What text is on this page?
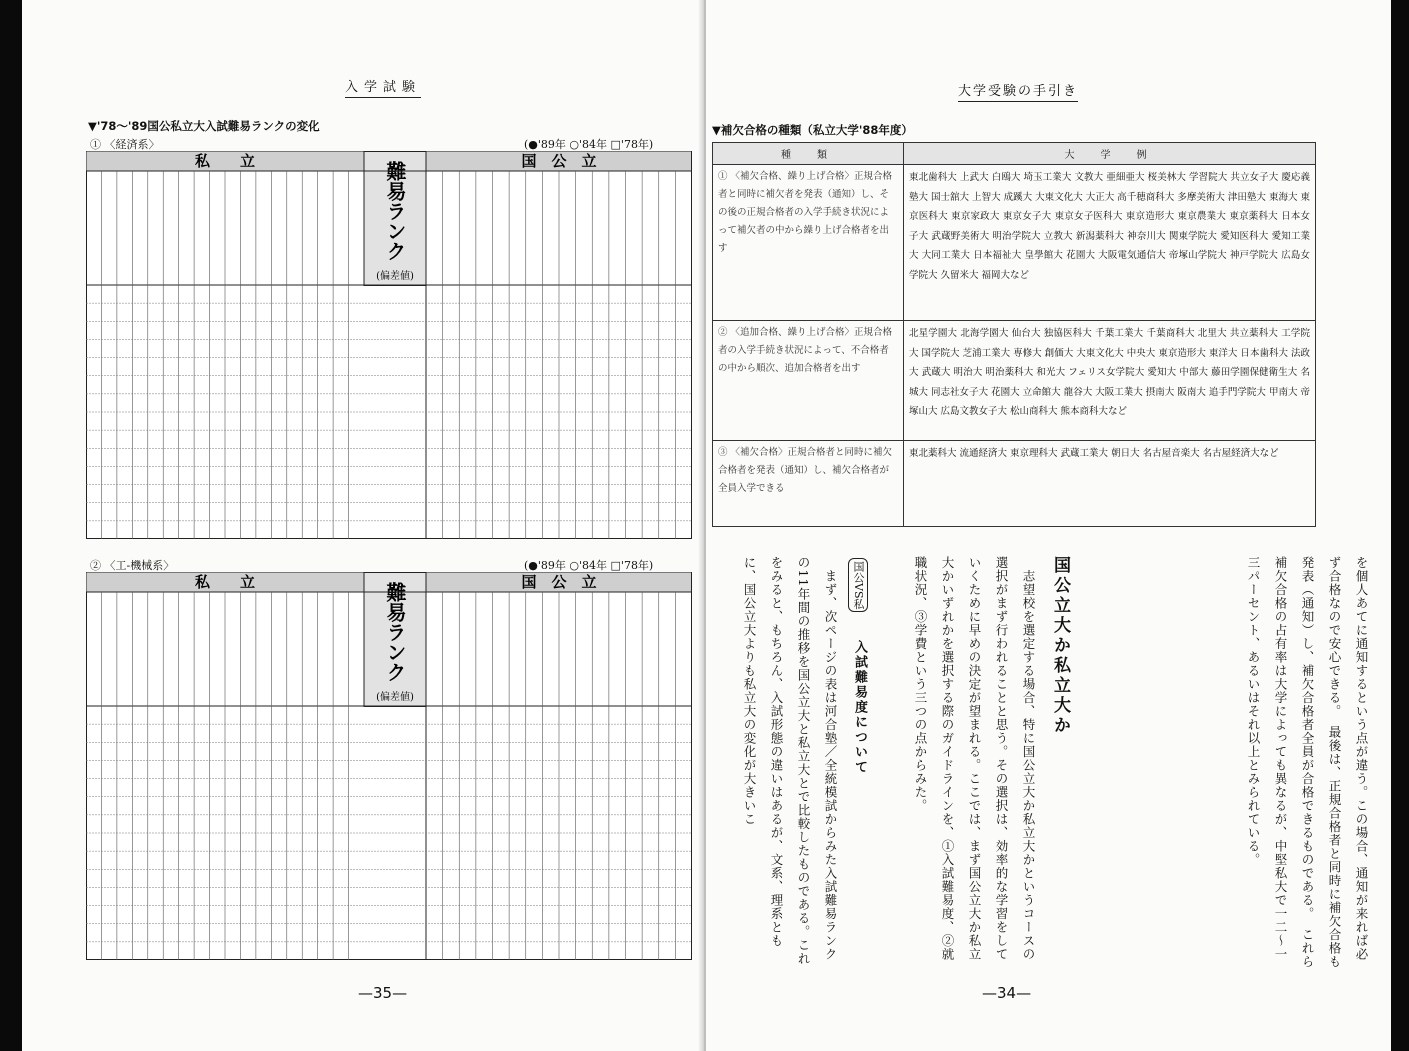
入学試験
▼'78〜'89国公私立大入試難易ランクの変化
① 〈経済系〉	(●'89年 ○'84年 □'78年)
私　　立	国　公　立
難易ランク
(偏差値)
② 〈工-機械系〉	(●'89年 ○'84年 □'78年)
私　　立	国　公　立
難易ランク
(偏差値)
—35—
大学受験の手引き
▼補欠合格の種類（私立大学'88年度）
種　類	大　学　例
① 〈補欠合格、繰り上げ合格〉正規合格者と同時に補欠者を発表（通知）し、その後の正規合格者の入学手続き状況によって補欠者の中から繰り上げ合格者を出す	東北歯科大 上武大 白鴎大 埼玉工業大 文教大 亜細亜大 桜美林大 学習院大 共立女子大 慶応義塾大 国士舘大 上智大 成蹊大 大東文化大 大正大 高千穂商科大 多摩美術大 津田塾大 東海大 東京医科大 東京家政大 東京女子大 東京女子医科大 東京造形大 東京農業大 東京薬科大 日本女子大 武蔵野美術大 明治学院大 立教大 新潟薬科大 神奈川大 関東学院大 愛知医科大 愛知工業大 大同工業大 日本福祉大 皇學館大 花園大 大阪電気通信大 帝塚山学院大 神戸学院大 広島女学院大 久留米大 福岡大など
② 〈追加合格、繰り上げ合格〉正規合格者の入学手続き状況によって、不合格者の中から順次、追加合格者を出す	北星学園大 北海学園大 仙台大 独協医科大 千葉工業大 千葉商科大 北里大 共立薬科大 工学院大 国学院大 芝浦工業大 専修大 創価大 大東文化大 中央大 東京造形大 東洋大 日本歯科大 法政大 武蔵大 明治大 明治薬科大 和光大 フェリス女学院大 愛知大 中部大 藤田学園保健衛生大 名城大 同志社女子大 花園大 立命館大 龍谷大 大阪工業大 摂南大 阪南大 追手門学院大 甲南大 帝塚山大 広島文教女子大 松山商科大 熊本商科大など
③ 〈補欠合格〉正規合格者と同時に補欠合格者を発表（通知）し、補欠合格者が全員入学できる	東北薬科大 流通経済大 東京理科大 武蔵工業大 朝日大 名古屋音楽大 名古屋経済大など
を個人あてに通知するという点が違う。この場合、通知が来れば必ず合格なので安心できる。　最後は、正規合格者と同時に補欠合格も発表（通知）し、補欠合格者全員が合格できるものである。　これら補欠合格の占有率は大学によっても異なるが、中堅私大で一二〜一三パーセント、あるいはそれ以上とみられている。
国公立大か私立大か
　志望校を選定する場合、特に国公立大か私立大かというコースの選択がまず行われることと思う。その選択は、効率的な学習をしていくために早めの決定が望まれる。ここでは、まず国公立大か私立大かいずれかを選択する際のガイドラインを、①入試難易度、②就職状況、③学費という三つの点からみた。
国公VS私
入試難易度について
　まず、次ページの表は河合塾／全統模試からみた入試難易ランクの11年間の推移を国公立大と私立大とで比較したものである。これをみると、もちろん、入試形態の違いはあるが、文系、理系ともに、国公立大よりも私立大の変化が大きいこ
—34—
